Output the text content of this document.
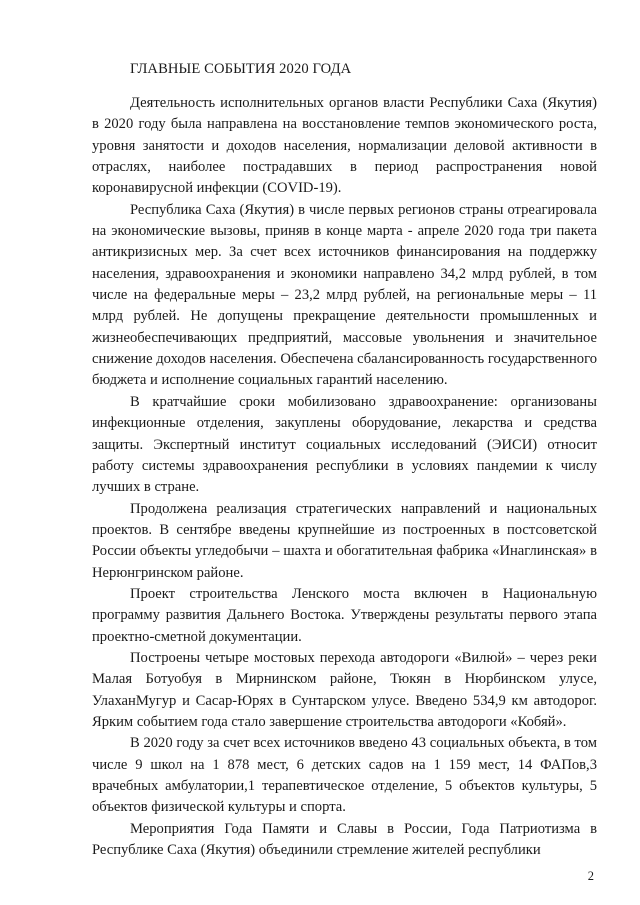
ГЛАВНЫЕ СОБЫТИЯ 2020 ГОДА

Деятельность исполнительных органов власти Республики Саха (Якутия) в 2020 году была направлена на восстановление темпов экономического роста, уровня занятости и доходов населения, нормализации деловой активности в отраслях, наиболее пострадавших в период распространения новой коронавирусной инфекции (COVID-19).

Республика Саха (Якутия) в числе первых регионов страны отреагировала на экономические вызовы, приняв в конце марта - апреле 2020 года три пакета антикризисных мер. За счет всех источников финансирования на поддержку населения, здравоохранения и экономики направлено 34,2 млрд рублей, в том числе на федеральные меры – 23,2 млрд рублей, на региональные меры – 11 млрд рублей. Не допущены прекращение деятельности промышленных и жизнеобеспечивающих предприятий, массовые увольнения и значительное снижение доходов населения. Обеспечена сбалансированность государственного бюджета и исполнение социальных гарантий населению.

В кратчайшие сроки мобилизовано здравоохранение: организованы инфекционные отделения, закуплены оборудование, лекарства и средства защиты. Экспертный институт социальных исследований (ЭИСИ) относит работу системы здравоохранения республики в условиях пандемии к числу лучших в стране.

Продолжена реализация стратегических направлений и национальных проектов. В сентябре введены крупнейшие из построенных в постсоветской России объекты угледобычи – шахта и обогатительная фабрика «Инаглинская» в Нерюнгринском районе.

Проект строительства Ленского моста включен в Национальную программу развития Дальнего Востока. Утверждены результаты первого этапа проектно-сметной документации.

Построены четыре мостовых перехода автодороги «Вилюй» – через реки Малая Ботуобуя в Мирнинском районе, Тюкян в Нюрбинском улусе, УлаханМугур и Сасар-Юрях в Сунтарском улусе. Введено 534,9 км автодорог. Ярким событием года стало завершение строительства автодороги «Кобяй».

В 2020 году за счет всех источников введено 43 социальных объекта, в том числе 9 школ на 1 878 мест, 6 детских садов на 1 159 мест, 14 ФАПов,3 врачебных амбулатории,1 терапевтическое отделение, 5 объектов культуры, 5 объектов физической культуры и спорта.

Мероприятия Года Памяти и Славы в России, Года Патриотизма в Республике Саха (Якутия) объединили стремление жителей республики

2
